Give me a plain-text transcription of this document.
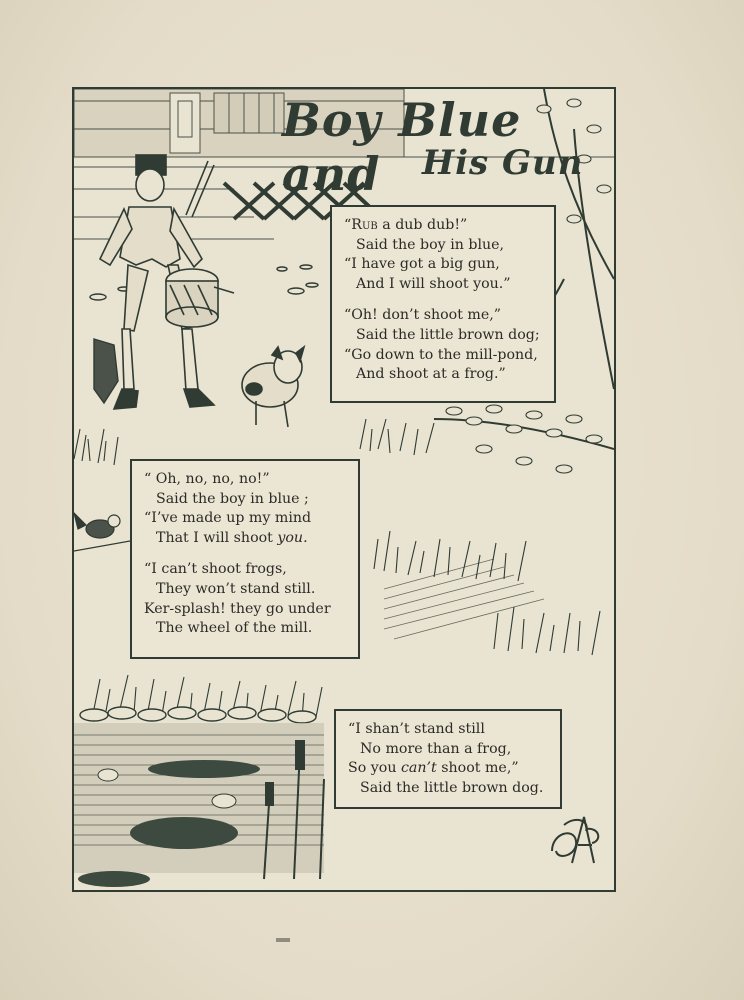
Boy Blue and	His Gun
“Rub a dub dub!”
Said the boy in blue,
“I have got a big gun,
And I will shoot you.”
“Oh! don’t shoot me,”
Said the little brown dog;
“Go down to the mill-pond,
And shoot at a frog.”
“ Oh, no, no, no!”
Said the boy in blue ;
“I’ve made up my mind
That I will shoot you.
“I can’t shoot frogs,
They won’t stand still.
Ker-splash! they go under
The wheel of the mill.
“I shan’t stand still
No more than a frog,
So you can’t shoot me,”
Said the little brown dog.
